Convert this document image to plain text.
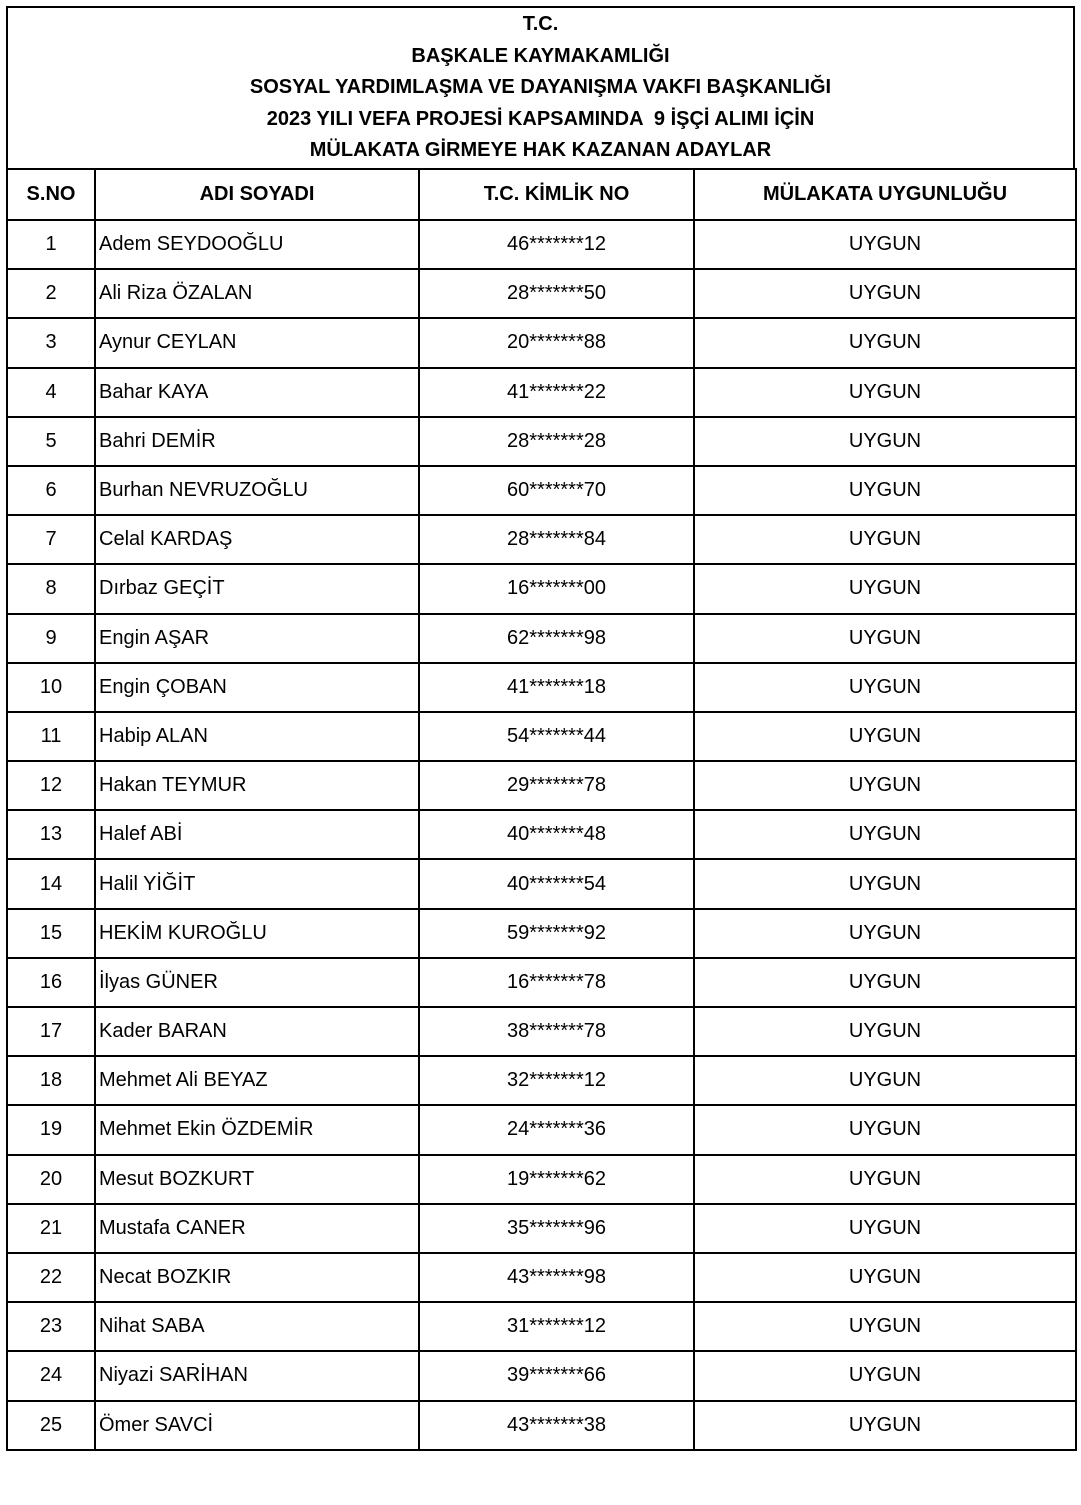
T.C.
BAŞKALE KAYMAKAMLIĞI
SOSYAL YARDIMLAŞMA VE DAYANIŞMA VAKFI BAŞKANLIĞI
2023 YILI VEFA PROJESİ KAPSAMINDA  9 İŞÇİ ALIMI İÇİN
MÜLAKATA GİRMEYE HAK KAZANAN ADAYLAR
S.NO	ADI SOYADI	T.C. KİMLİK NO	MÜLAKATA UYGUNLUĞU
1	Adem SEYDOOĞLU	46*******12	UYGUN
2	Ali Riza ÖZALAN	28*******50	UYGUN
3	Aynur CEYLAN	20*******88	UYGUN
4	Bahar KAYA	41*******22	UYGUN
5	Bahri DEMİR	28*******28	UYGUN
6	Burhan NEVRUZOĞLU	60*******70	UYGUN
7	Celal KARDAŞ	28*******84	UYGUN
8	Dırbaz GEÇİT	16*******00	UYGUN
9	Engin AŞAR	62*******98	UYGUN
10	Engin ÇOBAN	41*******18	UYGUN
11	Habip ALAN	54*******44	UYGUN
12	Hakan TEYMUR	29*******78	UYGUN
13	Halef ABİ	40*******48	UYGUN
14	Halil YİĞİT	40*******54	UYGUN
15	HEKİM KUROĞLU	59*******92	UYGUN
16	İlyas GÜNER	16*******78	UYGUN
17	Kader BARAN	38*******78	UYGUN
18	Mehmet Ali BEYAZ	32*******12	UYGUN
19	Mehmet Ekin ÖZDEMİR	24*******36	UYGUN
20	Mesut BOZKURT	19*******62	UYGUN
21	Mustafa CANER	35*******96	UYGUN
22	Necat BOZKIR	43*******98	UYGUN
23	Nihat SABA	31*******12	UYGUN
24	Niyazi SARİHAN	39*******66	UYGUN
25	Ömer SAVCİ	43*******38	UYGUN
